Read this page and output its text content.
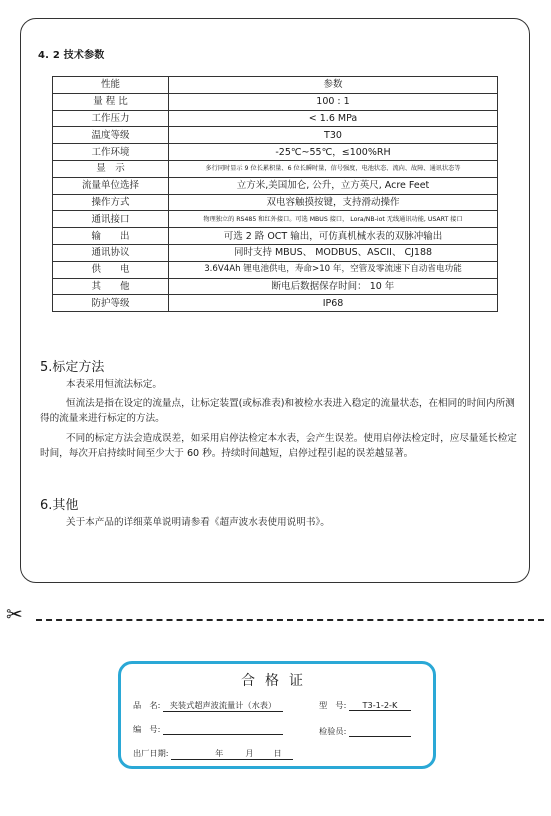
4. 2 技术参数
性能	参数
量 程 比	100 : 1
工作压力	< 1.6 MPa
温度等级	T30
工作环境	-25℃~55℃，≤100%RH
显　示	多行同时显示 9 位长累积量、6 位长瞬时量，信号强度，电池状态、流向、故障、通讯状态等
流量单位选择	立方米,美国加仑, 公升，立方英尺, Acre Feet
操作方式	双电容触摸按键，支持滑动操作
通讯接口	物理独立的 RS485 和红外接口。可选 MBUS 接口， Lora/NB-iot 无线通讯功能, USART 接口
输　　出	可选 2 路 OCT 输出，可仿真机械水表的双脉冲输出
通讯协议	同时支持 MBUS、 MODBUS、ASCII、 CJ188
供　　电	3.6V4Ah 锂电池供电，寿命>10 年，空管及零流速下自动省电功能
其　　他	断电后数据保存时间： 10 年
防护等级	IP68
5.标定方法
本表采用恒流法标定。
恒流法是指在设定的流量点，让标定装置(或标准表)和被检水表进入稳定的流量状态，在相同的时间内所测得的流量来进行标定的方法。
不同的标定方法会造成误差，如采用启停法检定本水表，会产生误差。使用启停法检定时，应尽量延长检定时间，每次开启持续时间至少大于 60 秒。持续时间越短，启停过程引起的误差越显著。
6.其他
关于本产品的详细菜单说明请参看《超声波水表使用说明书》。
✂
合格证
品　名: 夹装式超声波流量计（水表）	型　号: T3-1-2-K
编　号:	检验员:
出厂日期:	年	月 日
